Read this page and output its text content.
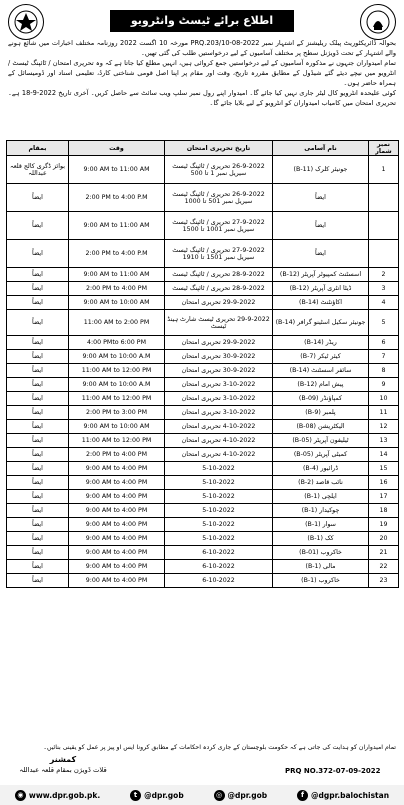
اطلاع برائے ٹیسٹ وانٹرویو

بحوالہ ڈائریکٹوریٹ پبلک ریلیشنز کے اشتہار نمبر PRQ.203/10-08-2022 مورخہ 10 اگست 2022 روزنامہ مختلف اخبارات میں شائع ہونے والے اشتہار کے تحت ڈویژنل سطح پر مختلف آسامیوں کے لیے درخواستیں طلب کی گئی تھیں۔

تمام امیدواران جنہوں نے مذکورہ آسامیوں کے لیے درخواستیں جمع کروائی ہیں، انہیں مطلع کیا جاتا ہے کہ وہ تحریری امتحان / ٹائپنگ ٹیسٹ / انٹرویو میں نیچے دیئے گئے شیڈول کے مطابق مقررہ تاریخ، وقت اور مقام پر اپنا اصل قومی شناختی کارڈ، تعلیمی اسناد اور ڈومیسائل کے ہمراہ حاضر ہوں۔

کوئی علیحدہ انٹرویو کال لیٹر جاری نہیں کیا جائے گا۔ امیدوار اپنے رول نمبر سلپ ویب سائٹ سے حاصل کریں۔ آخری تاریخ 2022-9-18 ہے۔ تحریری امتحان میں کامیاب امیدواران کو انٹرویو کے لیے بلایا جائے گا۔

بمقام	وقت	تاریخ تحریری امتحان	نام آسامی	نمبر شمار
بوائز ڈگری کالج قلعہ عبداللہ	9:00 AM to 11:00 AM	26-9-2022 تحریری / ٹائپنگ ٹیسٹ سیریل نمبر 1 تا 500	جونیئر کلرک (B-11)	1
ایضاً	2:00 PM to 4:00 P.M	26-9-2022 تحریری / ٹائپنگ ٹیسٹ سیریل نمبر 501 تا 1000	ایضاً	
ایضاً	9:00 AM to 11:00 AM	27-9-2022 تحریری / ٹائپنگ ٹیسٹ سیریل نمبر 1001 تا 1500	ایضاً	
ایضاً	2:00 PM to 4:00 P.M	27-9-2022 تحریری / ٹائپنگ ٹیسٹ سیریل نمبر 1501 تا 1910	ایضاً	
ایضاً	9:00 AM to 11:00 AM	28-9-2022 تحریری / ٹائپنگ ٹیسٹ	اسسٹنٹ کمپیوٹر آپریٹر (B-12)	2
ایضاً	2:00 PM to 4:00 PM	28-9-2022 تحریری / ٹائپنگ ٹیسٹ	ڈیٹا انٹری آپریٹر (B-12)	3
ایضاً	9:00 AM to 10:00 AM	29-9-2022 تحریری امتحان	اکاؤنٹنٹ (B-14)	4
ایضاً	11:00 AM to 2:00 PM	29-9-2022 تحریری ٹیسٹ شارٹ ہینڈ ٹیسٹ	جونیئر سکیل اسٹینو گرافر (B-14)	5
ایضاً	4:00 PMto 6:00 PM	29-9-2022 تحریری امتحان	ریڈر (B-14)	6
ایضاً	9:00 AM to 10:00 A.M	30-9-2022 تحریری امتحان	کیئر ٹیکر (B-7)	7
ایضاً	11:00 AM to 12:00 PM	30-9-2022 تحریری امتحان	سائفر اسسٹنٹ (B-14)	8
ایضاً	9:00 AM to 10:00 A.M	3-10-2022 تحریری امتحان	پیش امام (B-12)	9
ایضاً	11:00 AM to 12:00 PM	3-10-2022 تحریری امتحان	کمپاؤنڈر (B-09)	10
ایضاً	2:00 PM to 3:00 PM	3-10-2022 تحریری امتحان	پلمبر (B-9)	11
ایضاً	9:00 AM to 10:00 AM	4-10-2022 تحریری امتحان	الیکٹریشن (B-08)	12
ایضاً	11:00 AM to 12:00 PM	4-10-2022 تحریری امتحان	ٹیلیفون آپریٹر (B-05)	13
ایضاً	2:00 PM to 4:00 PM	4-10-2022 تحریری امتحان	کمیٹی آپریٹر (B-05)	14
ایضاً	9:00 AM to 4:00 PM	5-10-2022	ڈرائیور (B-4)	15
ایضاً	9:00 AM to 4:00 PM	5-10-2022	نائب قاصد (B-2)	16
ایضاً	9:00 AM to 4:00 PM	5-10-2022	ایلچی (B-1)	17
ایضاً	9:00 AM to 4:00 PM	5-10-2022	چوکیدار (B-1)	18
ایضاً	9:00 AM to 4:00 PM	5-10-2022	سوار (B-1)	19
ایضاً	9:00 AM to 4:00 PM	5-10-2022	کک (B-1)	20
ایضاً	9:00 AM to 4:00 PM	6-10-2022	خاکروب (B-01)	21
ایضاً	9:00 AM to 4:00 PM	6-10-2022	مالی (B-1)	22
ایضاً	9:00 AM to 4:00 PM	6-10-2022	خاکروب (B-1)	23
تمام امیدواران کو ہدایت کی جاتی ہے کہ حکومت بلوچستان کے جاری کردہ احکامات کے مطابق کرونا ایس او پیز پر عمل کو یقینی بنائیں۔
کمشنر
قلات ڈویژن بمقام قلعہ عبداللہ	PRQ NO.372-07-09-2022
◉ www.dpr.gob.pk.	t @dpr.gob	◎ @dpr.gob	f @dgpr.balochistan
